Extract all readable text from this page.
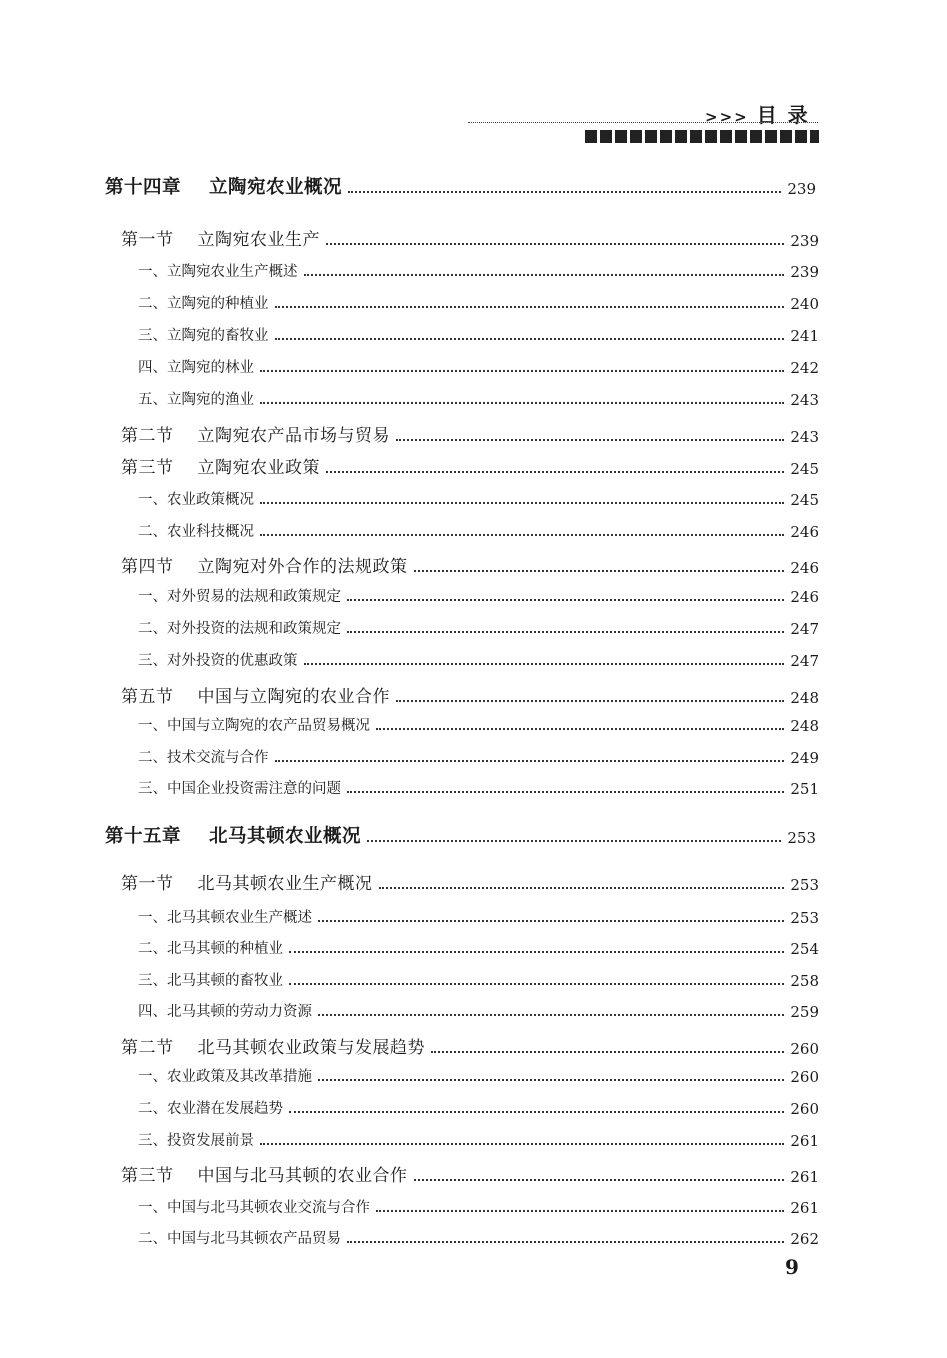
>>> 目 录
第十四章 立陶宛农业概况	239
第一节 立陶宛农业生产	239
一、立陶宛农业生产概述	239
二、立陶宛的种植业	240
三、立陶宛的畜牧业	241
四、立陶宛的林业	242
五、立陶宛的渔业	243
第二节 立陶宛农产品市场与贸易	243
第三节 立陶宛农业政策	245
一、农业政策概况	245
二、农业科技概况	246
第四节 立陶宛对外合作的法规政策	246
一、对外贸易的法规和政策规定	246
二、对外投资的法规和政策规定	247
三、对外投资的优惠政策	247
第五节 中国与立陶宛的农业合作	248
一、中国与立陶宛的农产品贸易概况	248
二、技术交流与合作	249
三、中国企业投资需注意的问题	251
第十五章 北马其顿农业概况	253
第一节 北马其顿农业生产概况	253
一、北马其顿农业生产概述	253
二、北马其顿的种植业	254
三、北马其顿的畜牧业	258
四、北马其顿的劳动力资源	259
第二节 北马其顿农业政策与发展趋势	260
一、农业政策及其改革措施	260
二、农业潜在发展趋势	260
三、投资发展前景	261
第三节 中国与北马其顿的农业合作	261
一、中国与北马其顿农业交流与合作	261
二、中国与北马其顿农产品贸易	262
9
